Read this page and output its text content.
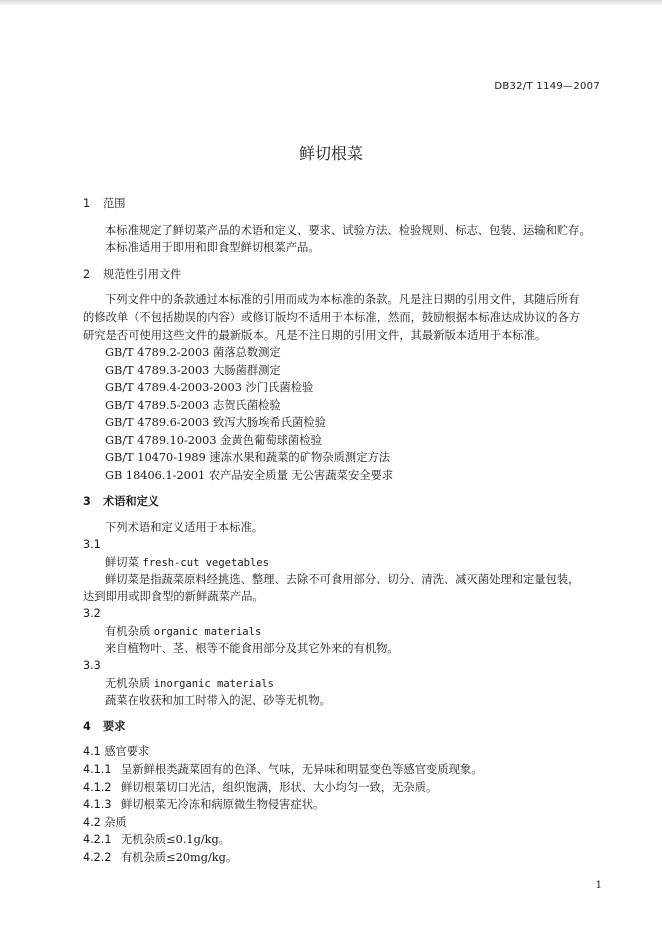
DB32/T 1149—2007
鲜切根菜
1 范围
本标准规定了鲜切菜产品的术语和定义、要求、试验方法、检验规则、标志、包装、运输和贮存。
本标准适用于即用和即食型鲜切根菜产品。
2 规范性引用文件
下列文件中的条款通过本标准的引用而成为本标准的条款。凡是注日期的引用文件，其随后所有
的修改单（不包括勘误的内容）或修订版均不适用于本标准，然而，鼓励根据本标准达成协议的各方
研究是否可使用这些文件的最新版本。凡是不注日期的引用文件，其最新版本适用于本标准。
GB/T 4789.2-2003 菌落总数测定
GB/T 4789.3-2003 大肠菌群测定
GB/T 4789.4-2003-2003 沙门氏菌检验
GB/T 4789.5-2003 志贺氏菌检验
GB/T 4789.6-2003 致泻大肠埃希氏菌检验
GB/T 4789.10-2003 金黄色葡萄球菌检验
GB/T 10470-1989 速冻水果和蔬菜的矿物杂质测定方法
GB 18406.1-2001 农产品安全质量 无公害蔬菜安全要求
3 术语和定义
下列术语和定义适用于本标准。
3.1
鲜切菜 fresh-cut vegetables
鲜切菜是指蔬菜原料经挑选、整理、去除不可食用部分、切分、清洗、减灭菌处理和定量包装，
达到即用或即食型的新鲜蔬菜产品。
3.2
有机杂质 organic materials
来自植物叶、茎、根等不能食用部分及其它外来的有机物。
3.3
无机杂质 inorganic materials
蔬菜在收获和加工时带入的泥、砂等无机物。
4 要求
4.1 感官要求
4.1.1 呈新鲜根类蔬菜固有的色泽、气味，无异味和明显变色等感官变质现象。
4.1.2 鲜切根菜切口光洁，组织饱满，形状、大小均匀一致，无杂质。
4.1.3 鲜切根菜无冷冻和病原微生物侵害症状。
4.2 杂质
4.2.1 无机杂质≤0.1g/kg。
4.2.2 有机杂质≤20mg/kg。
1
